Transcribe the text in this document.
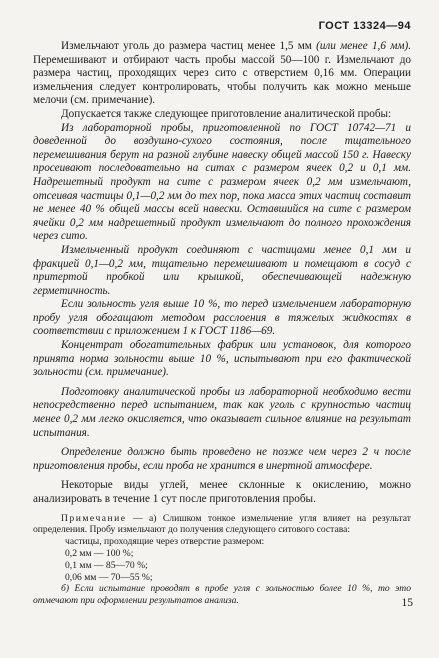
ГОСТ 13324—94

Измельчают уголь до размера частиц менее 1,5 мм (или менее 1,6 мм). Перемешивают и отбирают часть пробы массой 50—100 г. Измельчают до размера частиц, проходящих через сито с отверстием 0,16 мм. Операции измельчения следует контролировать, чтобы получить как можно меньше мелочи (см. примечание).

Допускается также следующее приготовление аналитической пробы:

Из лабораторной пробы, приготовленной по ГОСТ 10742—71 и доведенной до воздушно-сухого состояния, после тщательного перемешивания берут на разной глубине навеску общей массой 150 г. Навеску просеивают последовательно на ситах с размером ячеек 0,2 и 0,1 мм. Надрешетный продукт на сите с размером ячеек 0,2 мм измельчают, отсеивая частицы 0,1—0,2 мм до тех пор, пока масса этих частиц составит не менее 40 % общей массы всей навески. Оставшийся на сите с размером ячейки 0,2 мм надрешетный продукт измельчают до полного прохождения через сито.

Измельченный продукт соединяют с частицами менее 0,1 мм и фракцией 0,1—0,2 мм, тщательно перемешивают и помещают в сосуд с притертой пробкой или крышкой, обеспечивающей надежную герметичность.

Если зольность угля выше 10 %, то перед измельчением лабораторную пробу угля обогащают методом расслоения в тяжелых жидкостях в соответствии с приложением 1 к ГОСТ 1186—69.

Концентрат обогатительных фабрик или установок, для которого принята норма зольности выше 10 %, испытывают при его фактической зольности (см. примечание).

Подготовку аналитической пробы из лабораторной необходимо вести непосредственно перед испытанием, так как уголь с крупностью частиц менее 0,2 мм легко окисляется, что оказывает сильное влияние на результат испытания.

Определение должно быть проведено не позже чем через 2 ч после приготовления пробы, если проба не хранится в инертной атмосфере.

Некоторые виды углей, менее склонные к окислению, можно анализировать в течение 1 сут после приготовления пробы.

Примечание — а) Слишком тонкое измельчение угля влияет на результат определения. Пробу измельчают до получения следующего ситового состава:

частицы, проходящие через отверстие размером:

0,2 мм — 100 %;

0,1 мм — 85—70 %;

0,06 мм — 70—55 %;

б) Если испытание проводят в пробе угля с зольностью более 10 %, то это отмечают при оформлении результатов анализа.	15
